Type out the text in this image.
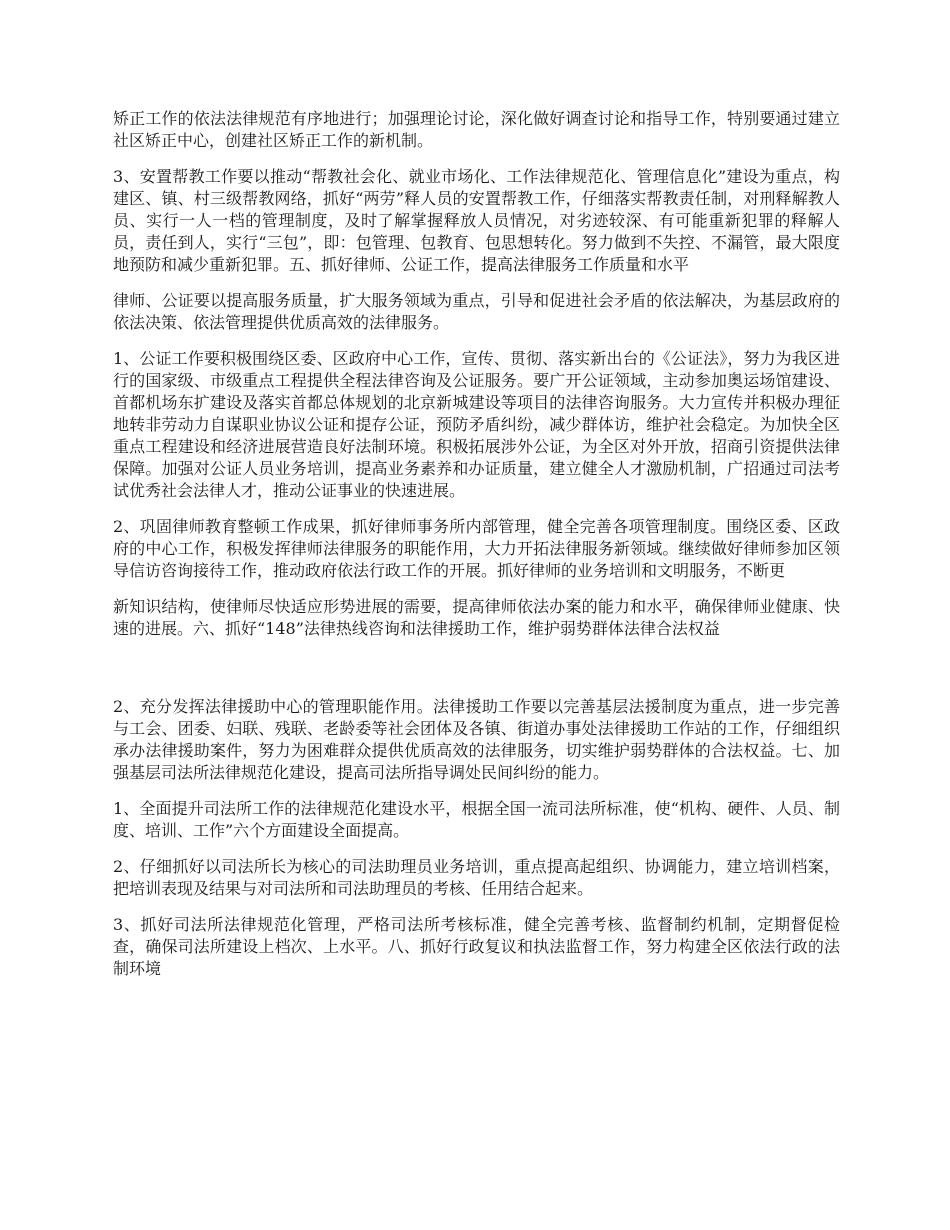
矫正工作的依法法律规范有序地进行；加强理论讨论，深化做好调查讨论和指导工作，特别要通过建立社区矫正中心，创建社区矫正工作的新机制。

3、安置帮教工作要以推动“帮教社会化、就业市场化、工作法律规范化、管理信息化”建设为重点，构建区、镇、村三级帮教网络，抓好“两劳”释人员的安置帮教工作，仔细落实帮教责任制，对刑释解教人员、实行一人一档的管理制度，及时了解掌握释放人员情况，对劣迹较深、有可能重新犯罪的释解人员，责任到人，实行“三包”，即：包管理、包教育、包思想转化。努力做到不失控、不漏管，最大限度地预防和减少重新犯罪。五、抓好律师、公证工作，提高法律服务工作质量和水平

律师、公证要以提高服务质量，扩大服务领域为重点，引导和促进社会矛盾的依法解决，为基层政府的依法决策、依法管理提供优质高效的法律服务。

1、公证工作要积极围绕区委、区政府中心工作，宣传、贯彻、落实新出台的《公证法》，努力为我区进行的国家级、市级重点工程提供全程法律咨询及公证服务。要广开公证领域，主动参加奥运场馆建设、首都机场东扩建设及落实首都总体规划的北京新城建设等项目的法律咨询服务。大力宣传并积极办理征地转非劳动力自谋职业协议公证和提存公证，预防矛盾纠纷，减少群体访，维护社会稳定。为加快全区重点工程建设和经济进展营造良好法制环境。积极拓展涉外公证，为全区对外开放，招商引资提供法律保障。加强对公证人员业务培训，提高业务素养和办证质量，建立健全人才激励机制，广招通过司法考试优秀社会法律人才，推动公证事业的快速进展。

2、巩固律师教育整顿工作成果，抓好律师事务所内部管理，健全完善各项管理制度。围绕区委、区政府的中心工作，积极发挥律师法律服务的职能作用，大力开拓法律服务新领域。继续做好律师参加区领导信访咨询接待工作，推动政府依法行政工作的开展。抓好律师的业务培训和文明服务，不断更

新知识结构，使律师尽快适应形势进展的需要，提高律师依法办案的能力和水平，确保律师业健康、快速的进展。六、抓好“148”法律热线咨询和法律援助工作，维护弱势群体法律合法权益

2、充分发挥法律援助中心的管理职能作用。法律援助工作要以完善基层法援制度为重点，进一步完善与工会、团委、妇联、残联、老龄委等社会团体及各镇、街道办事处法律援助工作站的工作，仔细组织承办法律援助案件，努力为困难群众提供优质高效的法律服务，切实维护弱势群体的合法权益。七、加强基层司法所法律规范化建设，提高司法所指导调处民间纠纷的能力。

1、全面提升司法所工作的法律规范化建设水平，根据全国一流司法所标准，使“机构、硬件、人员、制度、培训、工作”六个方面建设全面提高。

2、仔细抓好以司法所长为核心的司法助理员业务培训，重点提高起组织、协调能力，建立培训档案，把培训表现及结果与对司法所和司法助理员的考核、任用结合起来。

3、抓好司法所法律规范化管理，严格司法所考核标准，健全完善考核、监督制约机制，定期督促检查，确保司法所建设上档次、上水平。八、抓好行政复议和执法监督工作，努力构建全区依法行政的法制环境
